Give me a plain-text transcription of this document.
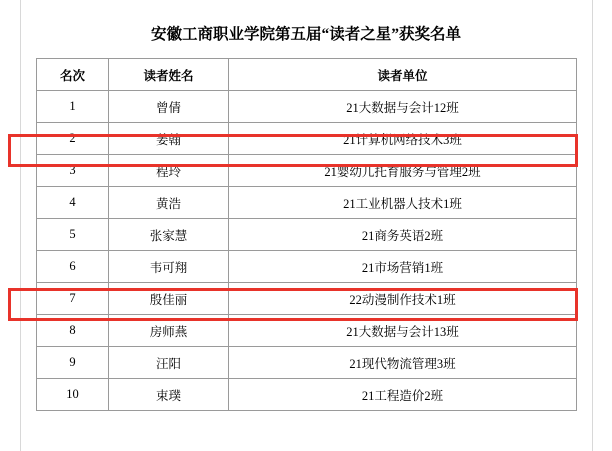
安徽工商职业学院第五届“读者之星”获奖名单
名次	读者姓名	读者单位
1	曾倩	21大数据与会计12班
2	姜翰	21计算机网络技术3班
3	程玲	21婴幼儿托育服务与管理2班
4	黄浩	21工业机器人技术1班
5	张家慧	21商务英语2班
6	韦可翔	21市场营销1班
7	殷佳丽	22动漫制作技术1班
8	房师燕	21大数据与会计13班
9	汪阳	21现代物流管理3班
10	束璞	21工程造价2班
